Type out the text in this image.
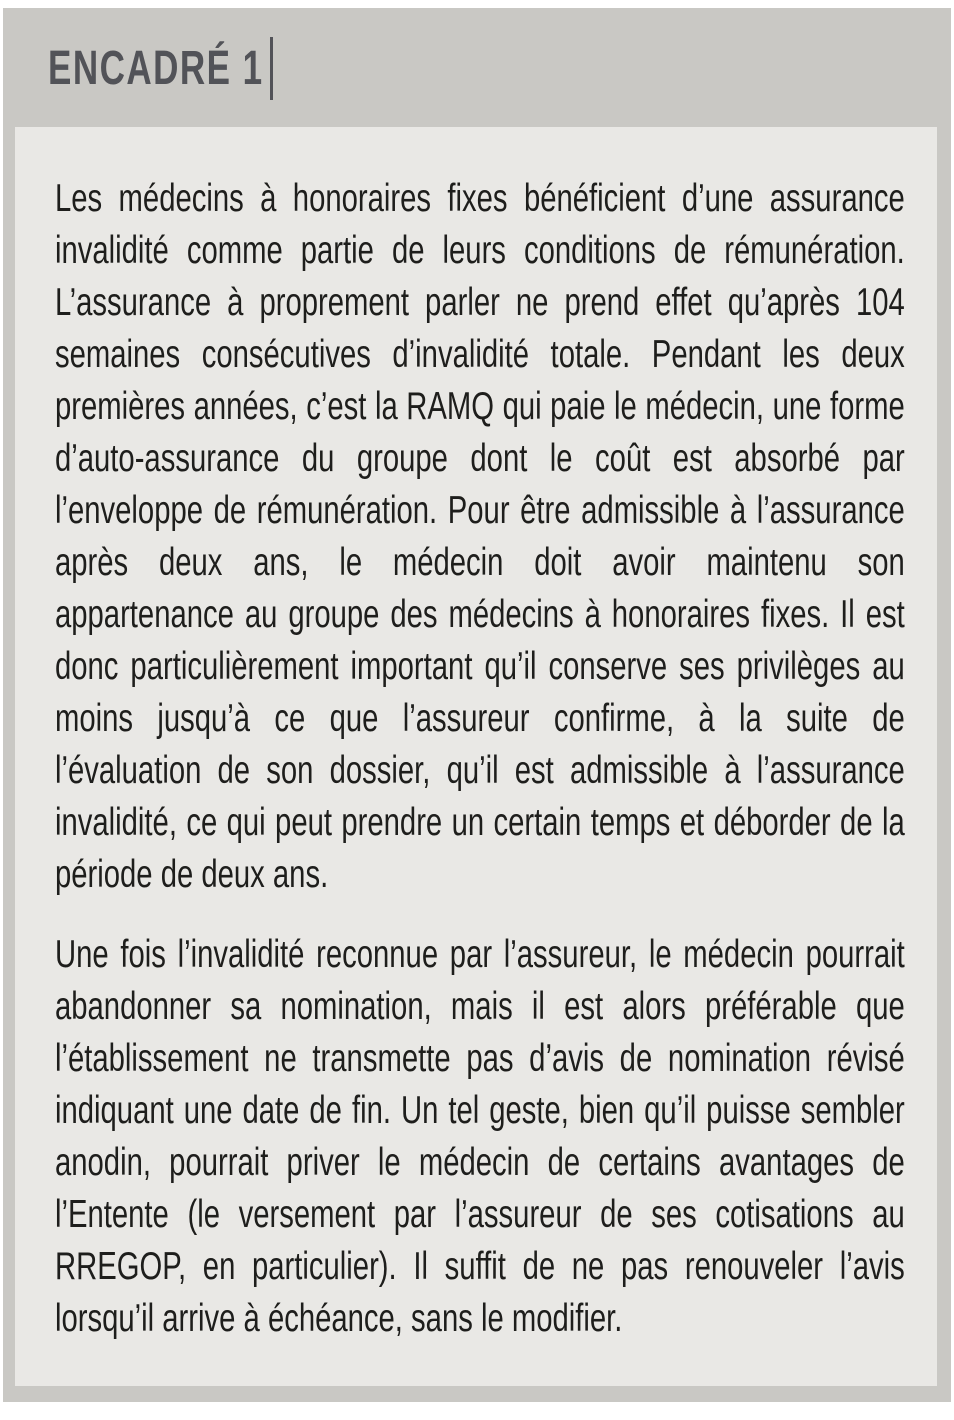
ENCADRÉ 1

Les médecins à honoraires fixes bénéficient d’une assurance invalidité comme partie de leurs conditions de rémunération. L’assurance à proprement parler ne prend effet qu’après 104 semaines consécutives d’invalidité totale. Pendant les deux premières années, c’est la RAMQ qui paie le médecin, une forme d’auto-assurance du groupe dont le coût est absorbé par l’enveloppe de rémunération. Pour être admissible à l’assurance après deux ans, le médecin doit avoir maintenu son appartenance au groupe des médecins à honoraires fixes. Il est donc particulièrement important qu’il conserve ses privilèges au moins jusqu’à ce que l’assureur confirme, à la suite de l’évaluation de son dossier, qu’il est admissible à l’assurance invalidité, ce qui peut prendre un certain temps et déborder de la période de deux ans.

Une fois l’invalidité reconnue par l’assureur, le médecin pourrait abandonner sa nomination, mais il est alors préférable que l’établissement ne transmette pas d’avis de nomination révisé indiquant une date de fin. Un tel geste, bien qu’il puisse sembler anodin, pourrait priver le médecin de certains avantages de l’Entente (le versement par l’assureur de ses cotisations au RREGOP, en particulier). Il suffit de ne pas renouveler l’avis lorsqu’il arrive à échéance, sans le modifier.
